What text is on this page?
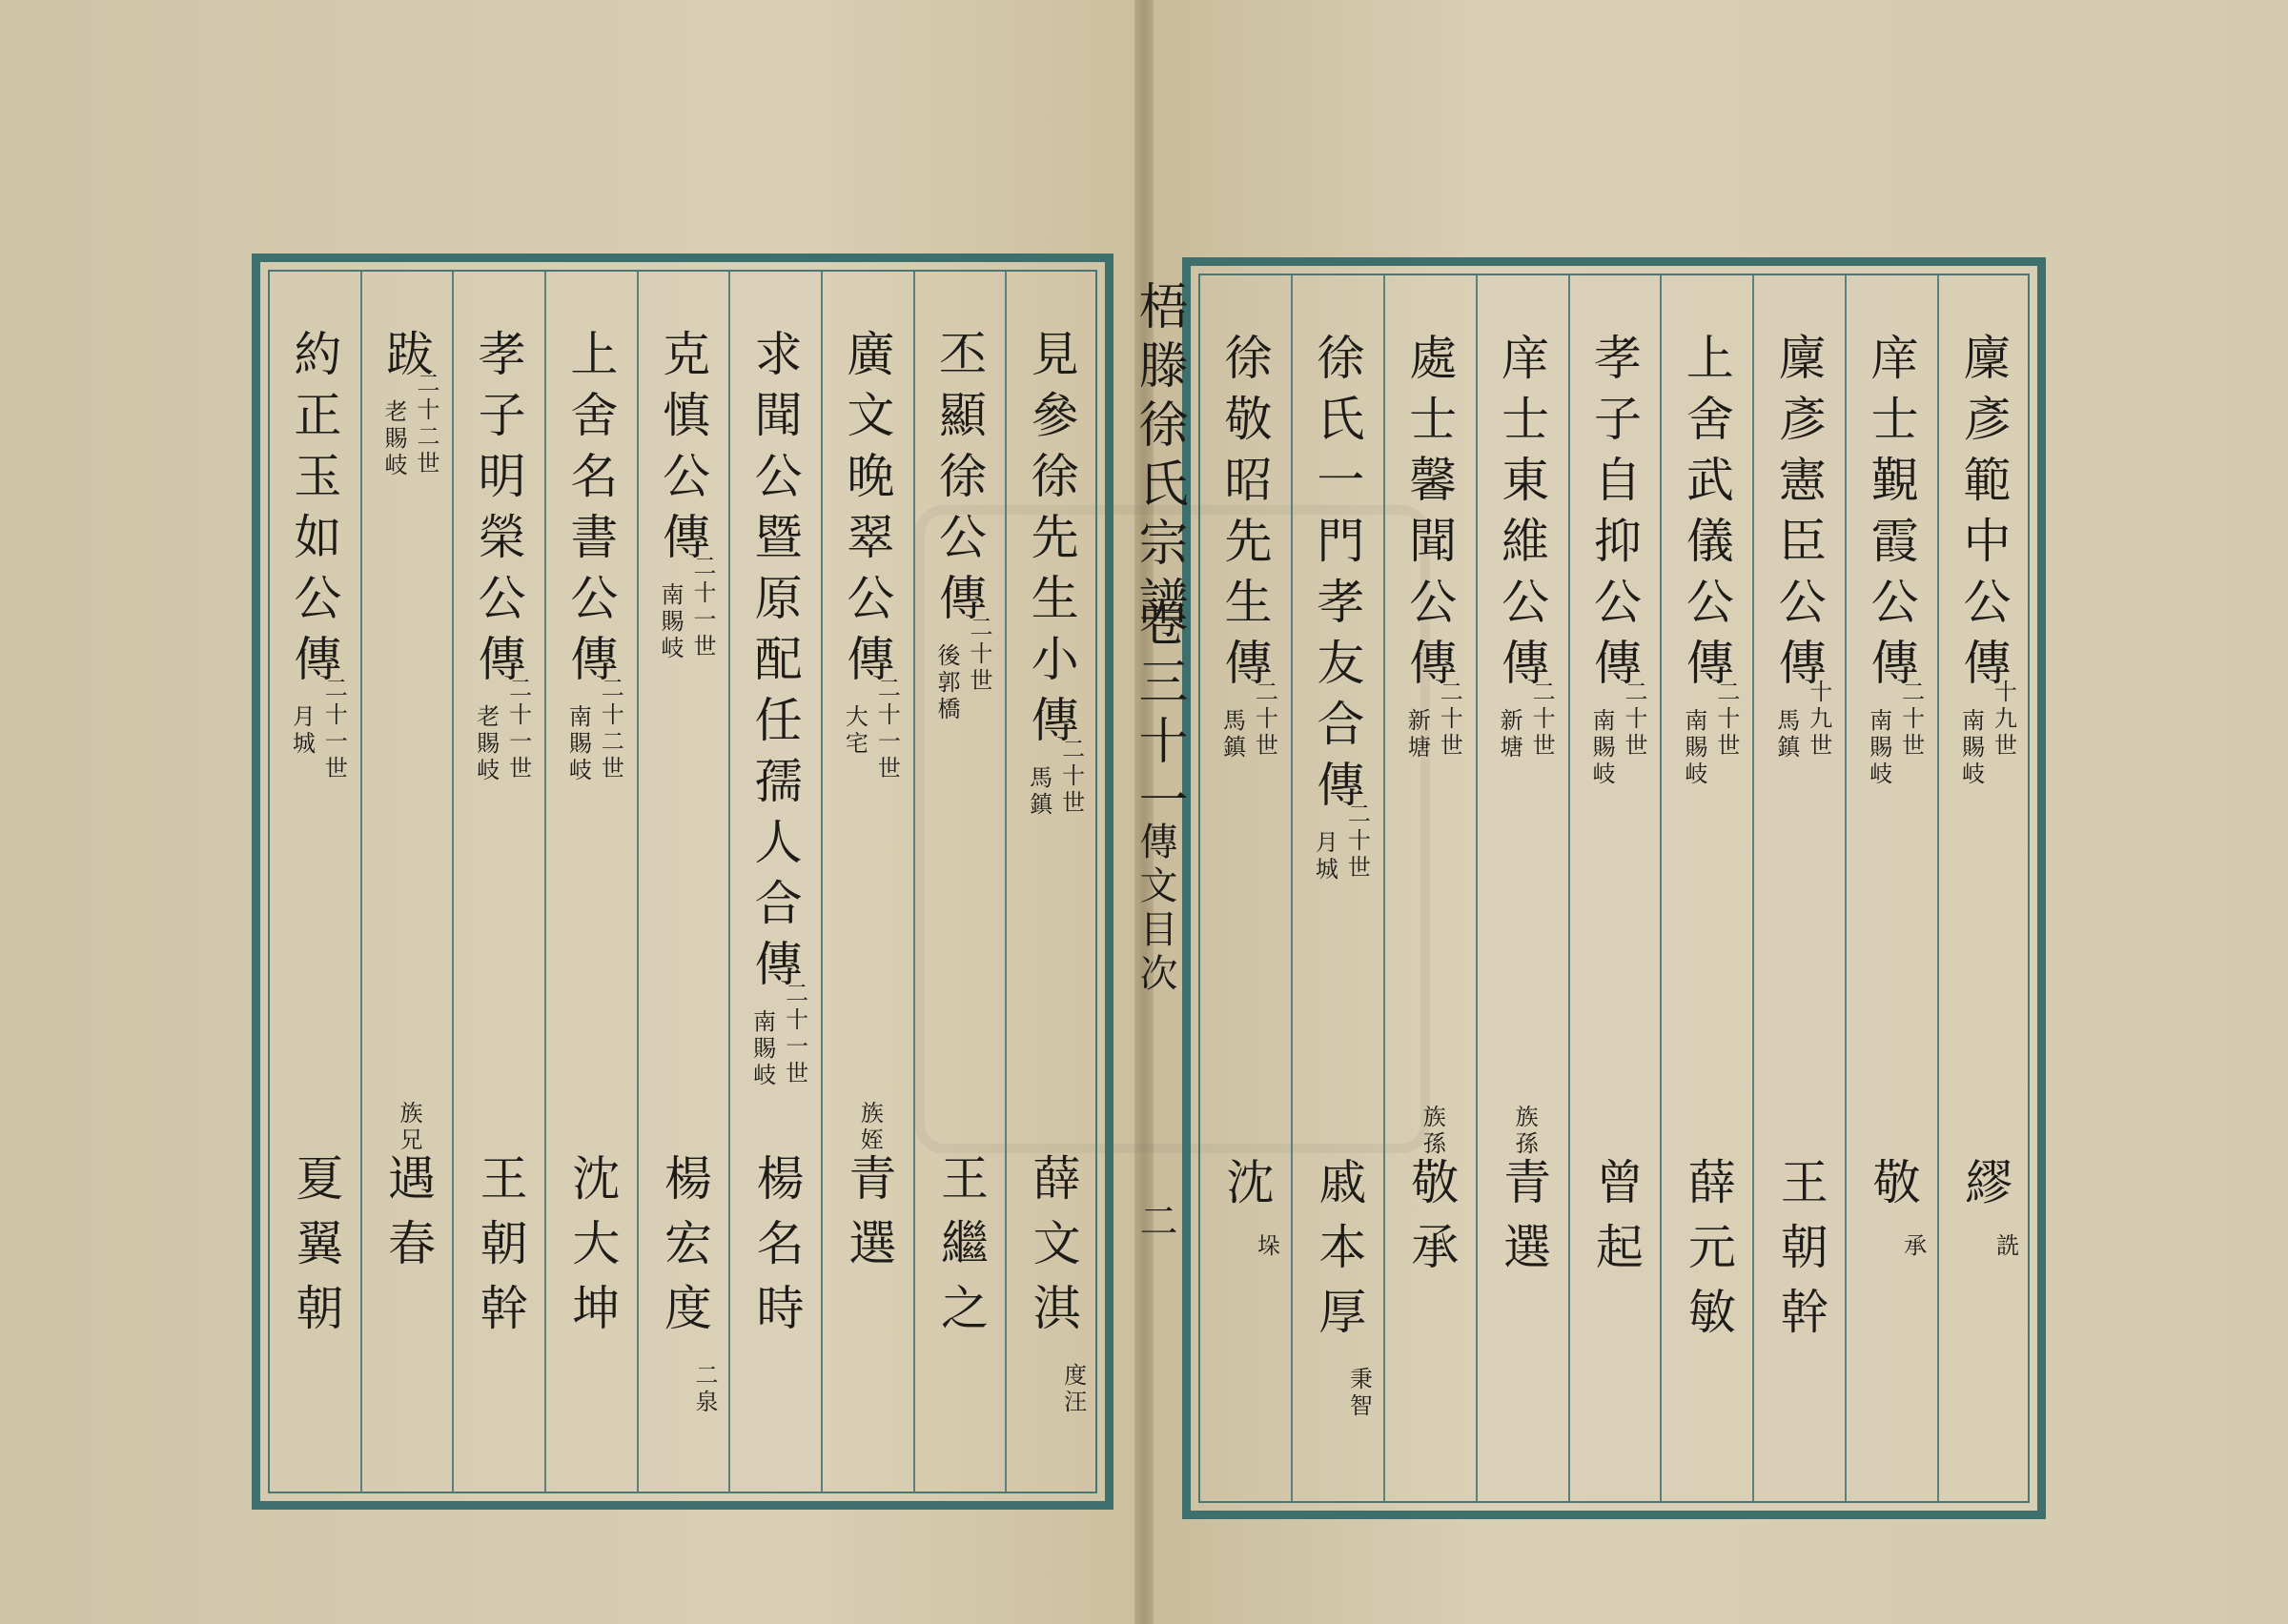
廩彥範中公傳
十九世
南賜岐
繆
詵
庠士覲霞公傳
二十世
南賜岐
敬
承
廩彥憲臣公傳
十九世
馬鎮
王朝幹
上舍武儀公傳
二十世
南賜岐
薛元敏
孝子自抑公傳
二十世
南賜岐
曾起
庠士東維公傳
二十世
新塘
族孫
青選
處士馨聞公傳
二十世
新塘
族孫
敬承
徐氏一門孝友合傳
二十世
月城
戚本厚
秉智
徐敬昭先生傳
二十世
馬鎮
沈
垛
見參徐先生小傳
二十世
馬鎮
薛文淇
度汪
丕顯徐公傳
二十世
後郭橋
王繼之
廣文晚翠公傳
二十一世
大宅
族姪
青選
求聞公暨原配任孺人合傳
二十一世
南賜岐
楊名時
克慎公傳
二十一世
南賜岐
楊宏度
二泉
上舍名書公傳
二十二世
南賜岐
沈大坤
孝子明榮公傳
二十一世
老賜岐
王朝幹
跋
二十二世
老賜岐
族兄
遇春
約正玉如公傳
二十一世
月城
夏翼朝
梧滕徐氏宗譜
卷三十一
傳文目次
二
